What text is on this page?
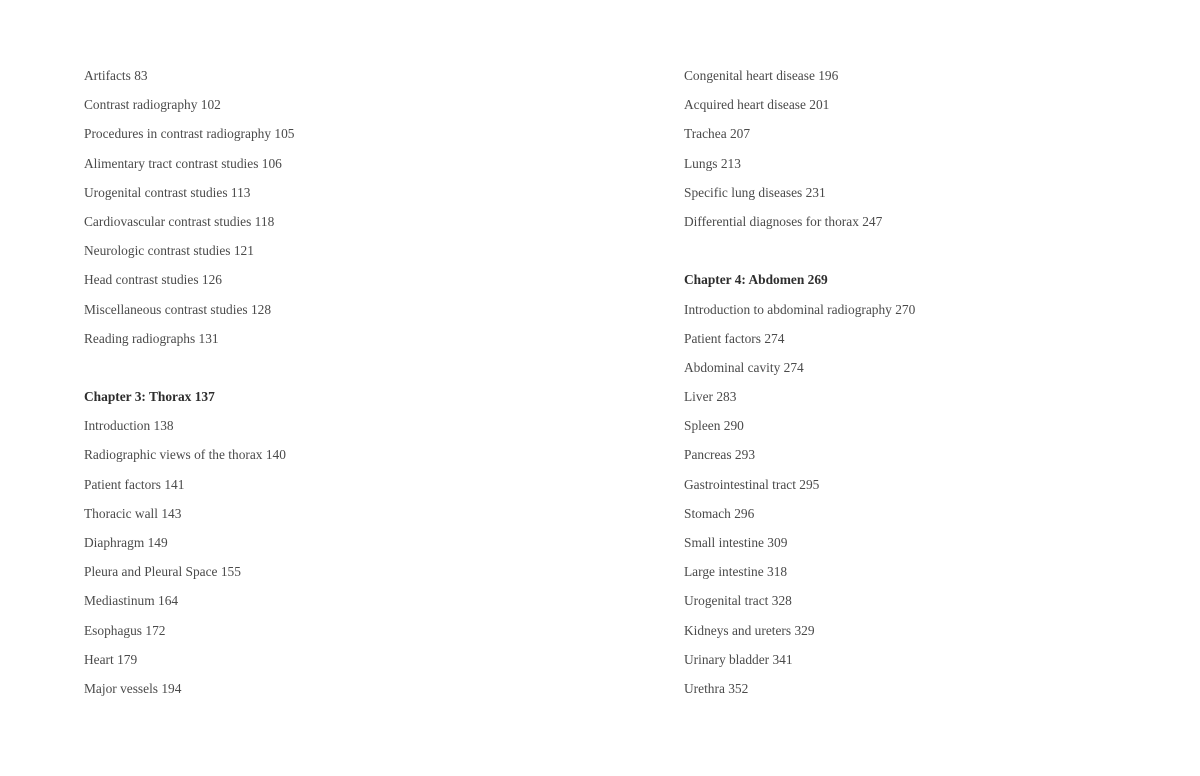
Artifacts 83
Contrast radiography 102
Procedures in contrast radiography 105
Alimentary tract contrast studies 106
Urogenital contrast studies 113
Cardiovascular contrast studies 118
Neurologic contrast studies 121
Head contrast studies 126
Miscellaneous contrast studies 128
Reading radiographs 131
Chapter 3: Thorax 137
Introduction 138
Radiographic views of the thorax 140
Patient factors 141
Thoracic wall 143
Diaphragm 149
Pleura and Pleural Space 155
Mediastinum 164
Esophagus 172
Heart 179
Major vessels 194
Congenital heart disease 196
Acquired heart disease 201
Trachea 207
Lungs 213
Specific lung diseases 231
Differential diagnoses for thorax 247
Chapter 4: Abdomen 269
Introduction to abdominal radiography 270
Patient factors 274
Abdominal cavity 274
Liver 283
Spleen 290
Pancreas 293
Gastrointestinal tract 295
Stomach 296
Small intestine 309
Large intestine 318
Urogenital tract 328
Kidneys and ureters 329
Urinary bladder 341
Urethra 352
